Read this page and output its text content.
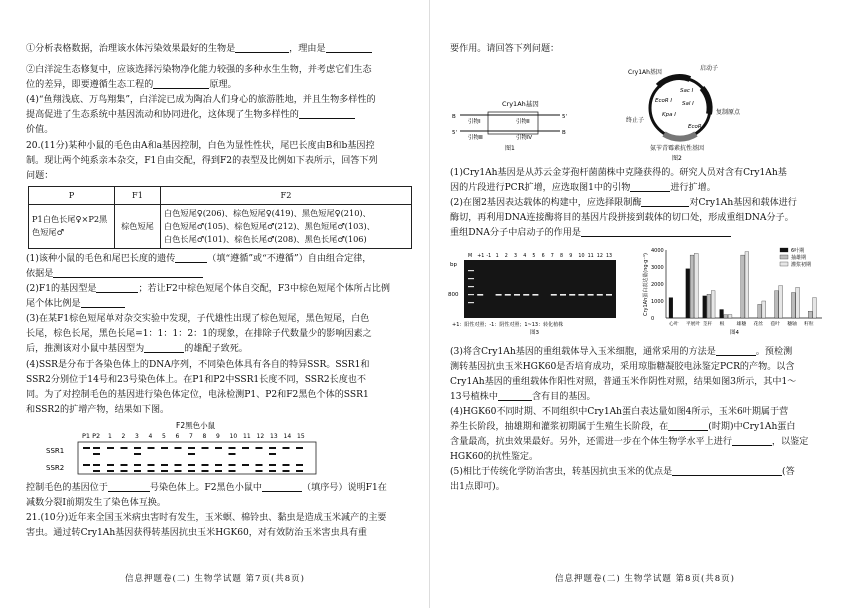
①分析表格数据，治理该水体污染效果最好的生物是	，理由是

②白洋淀生态修复中，应该选择污染物净化能力较强的多种水生生物，并考虑它们生态

位的差异，即要遵循生态工程的	原理。

(4)“鱼翔浅底、万鸟翔集”，白洋淀已成为陶冶人们身心的旅游胜地，并且生物多样性的

提高促进了生态系统中基因流动和协同进化，这体现了生物多样性的

价值。

20.(11分)某种小鼠的毛色由A和a基因控制，白色为显性性状，尾巴长度由B和b基因控

制。现让两个纯系亲本杂交，F1自由交配，得到F2的表型及比例如下表所示，回答下列

问题：

P	F1	F2
P1白色长尾♀×P2黑色短尾♂	棕色短尾	白色短尾♀(206)、棕色短尾♀(419)、黑色短尾♀(210)、
白色短尾♂(105)、棕色短尾♂(212)、黑色短尾♂(103)、
白色长尾♂(101)、棕色长尾♂(208)、黑色长尾♂(106)

(1)该种小鼠的毛色和尾巴长度的遗传	（填“遵循”或“不遵循”）自由组合定律，

依据是

(2)F1的基因型是	；若让F2中棕色短尾个体自交配，F3中棕色短尾个体所占比例

尾个体比例是

(3)在某F1棕色短尾单对杂交实验中发现，子代雄性出现了棕色短尾，黑色短尾，白色

长尾，棕色长尾，黑色长尾=1：1：1：2：1的现象，在排除子代数量少的影响因素之

后，推测该对小鼠中基因型为	的雄配子致死。

(4)SSR是分布于各染色体上的DNA序列，不同染色体具有各自的特异SSR。SSR1和

SSR2分别位于14号和23号染色体上。在P1和P2中SSR1长度不同，SSR2长度也不

同。为了对控制毛色的基因进行染色体定位，电泳检测P1、P2和F2黑色个体的SSR1

和SSR2的扩增产物，结果如下图。

F2黑色小鼠
P1 P2 1 2 3 4 5 6 7 8 9 10 11 12 13 14 15
SSR1
SSR2

控制毛色的基因位于	号染色体上。F2黑色小鼠中	（填序号）说明F1在

减数分裂Ⅰ前期发生了染色体互换。

21.(10分)近年来全国玉米病虫害时有发生，玉米螟、棉铃虫、黏虫是造成玉米减产的主要

害虫。通过转Cry1Ah基因获得转基因抗虫玉米HGK60，对有效防治玉米害虫具有重

信息押题卷(二) 生物学试题 第7页(共8页)

要作用。请回答下列问题：

Cry1Ah基因
B	5'
5'	B
引物Ⅰ	引物Ⅱ
引物Ⅲ	引物Ⅳ
图1
Cry1Ah基因
启动子
Sac Ⅰ
Sal Ⅰ
EcoR Ⅰ
Kpa Ⅰ
终止子
复制原点
EcoR Ⅰ
氨苄青霉素抗性基因
图2

(1)Cry1Ah基因是从苏云金芽孢杆菌菌株中克隆获得的。研究人员对含有Cry1Ah基

因的片段进行PCR扩增，应选取图1中的引物	进行扩增。

(2)在图2基因表达载体的构建中，应选择限制酶	对Cry1Ah基因和载体进行

酶切，再利用DNA连接酶将目的基因片段拼接到载体的切口处，形成重组DNA分子。

重组DNA分子中启动子的作用是

bp
800
M +1 -1 1 2 3 4 5 6 7 8 9 10 11 12 13
+1：阳性对照；-1：阴性对照；1~13：转化植株
图3
0
1000
2000
3000
4000
Cry1Ah蛋白表达量(ng·g⁻¹)
心叶 平展叶 茎秆 根	雄穗 花丝 苞叶 穗轴 籽粒
6叶期
抽雄期
灌浆初期
图4

(3)将含Cry1Ah基因的重组载体导入玉米细胞，通常采用的方法是	。预检测

测转基因抗虫玉米HGK60是否培育成功，采用琼脂糖凝胶电泳鉴定PCR的产物。以含

Cry1Ah基因的重组载体作阳性对照，普通玉米作阴性对照，结果如图3所示，其中1～

13号植株中	含有目的基因。

(4)HGK60不同时期、不同组织中Cry1Ah蛋白表达量如图4所示，玉米6叶期属于营

养生长阶段，抽雄期和灌浆初期属于生殖生长阶段，在	(时期)中Cry1Ah蛋白

含量最高，抗虫效果最好。另外，还需进一步在个体生物学水平上进行	，以鉴定

HGK60的抗性鉴定。

(5)相比于传统化学防治害虫，转基因抗虫玉米的优点是	(答

出1点即可)。

信息押题卷(二) 生物学试题 第8页(共8页)
